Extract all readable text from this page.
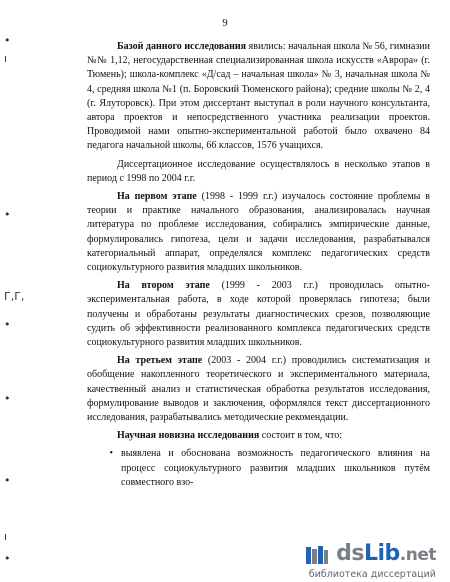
9
•
ı
•
Г,Г,
•
•
•
ı
•

Базой данного исследования явились: начальная школа № 56, гимназии №№ 1,12, негосударственная специализированная школа искусств «Аврора» (г. Тюмень); школа-комплекс «Д/сад – начальная школа» № 3, начальная школа № 4, средняя школа №1 (п. Боровский Тюменского района); средние школы № 2, 4 (г. Ялуторовск). При этом диссертант выступал в роли научного консультанта, автора проектов и непосредственного участника реализации проектов. Проводимой нами опытно-экспериментальной работой было охвачено 84 педагога начальной школы, 66 классов, 1576 учащихся.

Диссертационное исследование осуществлялось в несколько этапов в период с 1998 по 2004 г.г.

На первом этапе (1998 - 1999 г.г.) изучалось состояние проблемы в теории и практике начального образования, анализировалась научная литература по проблеме исследования, собирались эмпирические данные, формулировались гипотеза, цели и задачи исследования, разрабатывался категориальный аппарат, определялся комплекс педагогических средств социокультурного развития младших школьников.

На втором этапе (1999 - 2003 г.г.) проводилась опытно-экспериментальная работа, в ходе которой проверялась гипотеза; были получены и обработаны результаты диагностических срезов, позволяющие судить об эффективности реализованного комплекса педагогических средств социокультурного развития младших школьников.

На третьем этапе (2003 - 2004 г.г.) проводились систематизация и обобщение накопленного теоретического и экспериментального материала, качественный анализ и статистическая обработка результатов исследования, формулирование выводов и заключения, оформлялся текст диссертационного исследования, разрабатывались методические рекомендации.

Научная новизна исследования состоит в том, что:

• выявлена и обоснована возможность педагогического влияния на процесс социокультурного развития младших школьников путём совместного взо-
dsLib.net
библиотека диссертаций
